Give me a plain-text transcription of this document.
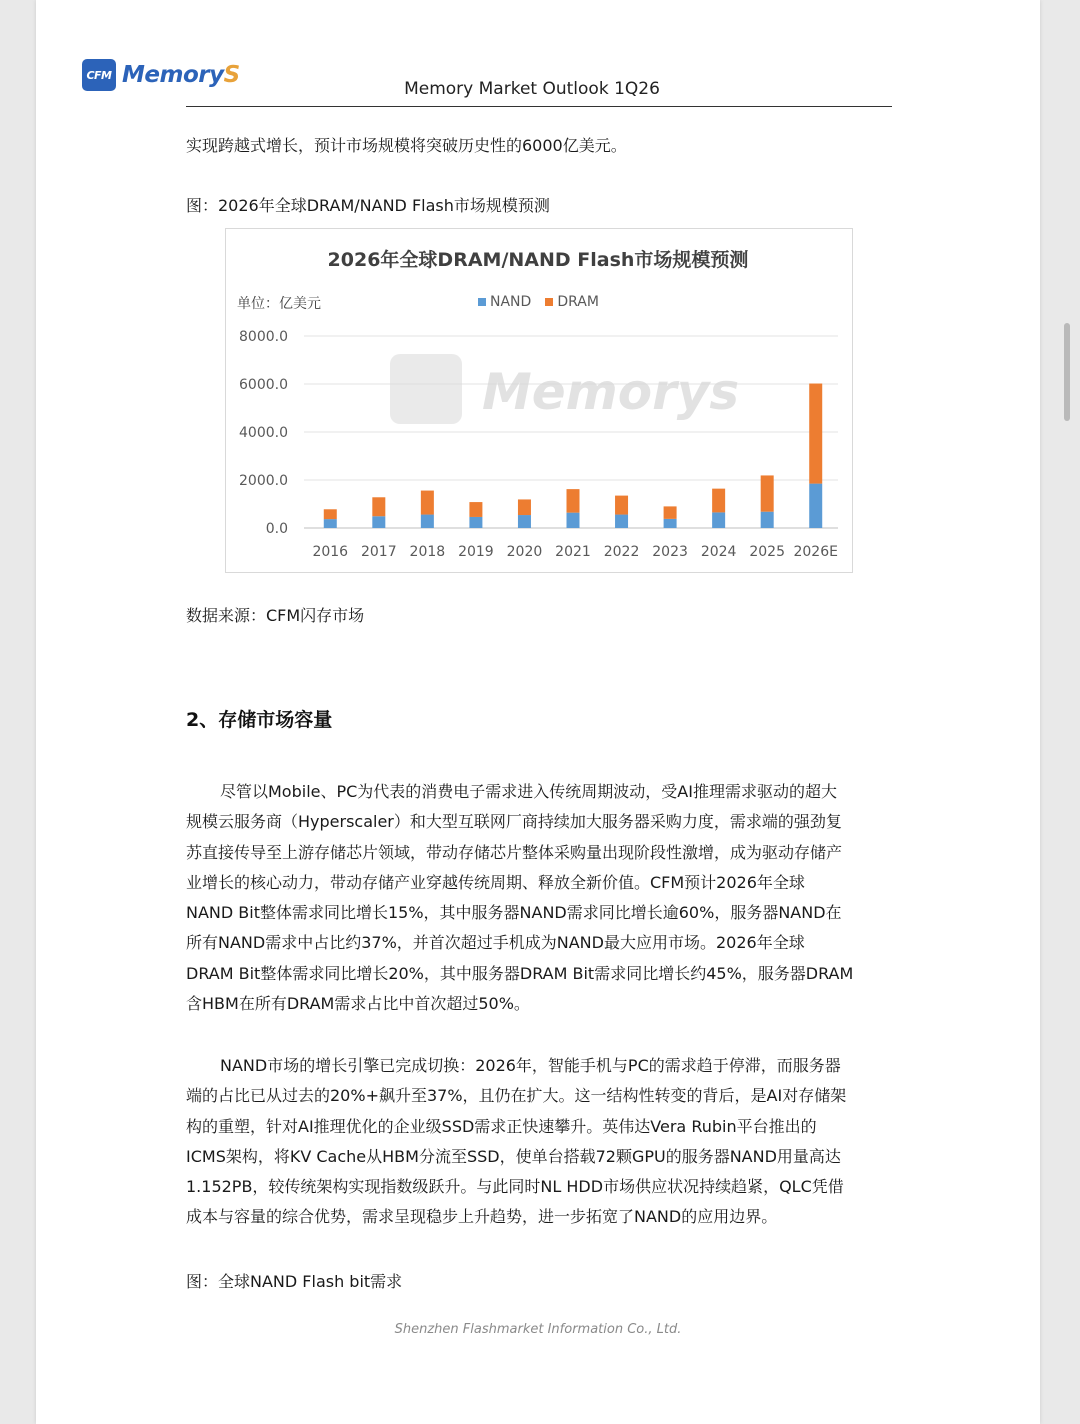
CFM MemoryS
Memory Market Outlook 1Q26
实现跨越式增长，预计市场规模将突破历史性的6000亿美元。
图：2026年全球DRAM/NAND Flash市场规模预测
2026年全球DRAM/NAND Flash市场规模预测
单位：亿美元	NAND DRAM
8000.0
6000.0
4000.0
2000.0
0.0
Memorys
2016 2017 2018 2019 2020 2021 2022 2023 2024 2025 2026E
数据来源：CFM闪存市场
2、存储市场容量
尽管以Mobile、PC为代表的消费电子需求进入传统周期波动，受AI推理需求驱动的超大
规模云服务商（Hyperscaler）和大型互联网厂商持续加大服务器采购力度，需求端的强劲复
苏直接传导至上游存储芯片领域，带动存储芯片整体采购量出现阶段性激增，成为驱动存储产
业增长的核心动力，带动存储产业穿越传统周期、释放全新价值。CFM预计2026年全球
NAND Bit整体需求同比增长15%，其中服务器NAND需求同比增长逾60%，服务器NAND在
所有NAND需求中占比约37%，并首次超过手机成为NAND最大应用市场。2026年全球
DRAM Bit整体需求同比增长20%，其中服务器DRAM Bit需求同比增长约45%，服务器DRAM
含HBM在所有DRAM需求占比中首次超过50%。
NAND市场的增长引擎已完成切换：2026年，智能手机与PC的需求趋于停滞，而服务器
端的占比已从过去的20%+飙升至37%，且仍在扩大。这一结构性转变的背后，是AI对存储架
构的重塑，针对AI推理优化的企业级SSD需求正快速攀升。英伟达Vera Rubin平台推出的
ICMS架构，将KV Cache从HBM分流至SSD，使单台搭载72颗GPU的服务器NAND用量高达
1.152PB，较传统架构实现指数级跃升。与此同时NL HDD市场供应状况持续趋紧，QLC凭借
成本与容量的综合优势，需求呈现稳步上升趋势，进一步拓宽了NAND的应用边界。
图：全球NAND Flash bit需求
Shenzhen Flashmarket Information Co., Ltd.
